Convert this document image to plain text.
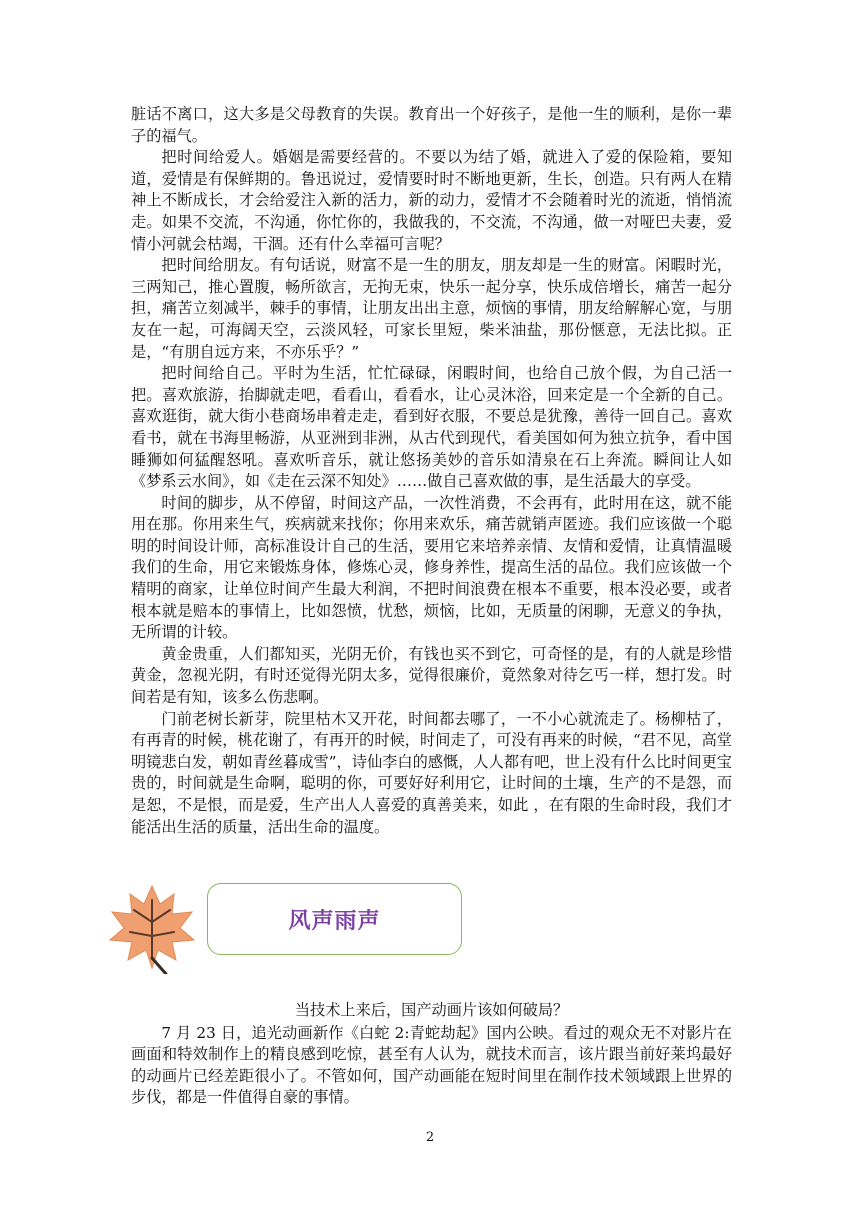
脏话不离口，这大多是父母教育的失误。教育出一个好孩子，是他一生的顺利，是你一辈子的福气。

把时间给爱人。婚姻是需要经营的。不要以为结了婚，就进入了爱的保险箱，要知道，爱情是有保鲜期的。鲁迅说过，爱情要时时不断地更新，生长，创造。只有两人在精神上不断成长，才会给爱注入新的活力，新的动力，爱情才不会随着时光的流逝，悄悄流走。如果不交流，不沟通，你忙你的，我做我的，不交流，不沟通，做一对哑巴夫妻，爱情小河就会枯竭，干涸。还有什么幸福可言呢？

把时间给朋友。有句话说，财富不是一生的朋友，朋友却是一生的财富。闲暇时光，三两知己，推心置腹，畅所欲言，无拘无束，快乐一起分享，快乐成倍增长，痛苦一起分担，痛苦立刻减半，棘手的事情，让朋友出出主意，烦恼的事情，朋友给解解心宽，与朋友在一起，可海阔天空，云淡风轻，可家长里短，柴米油盐，那份惬意，无法比拟。正是，“有朋自远方来，不亦乐乎？”

把时间给自己。平时为生活，忙忙碌碌，闲暇时间，也给自己放个假，为自己活一把。喜欢旅游，抬脚就走吧，看看山，看看水，让心灵沐浴，回来定是一个全新的自己。喜欢逛街，就大街小巷商场串着走走，看到好衣服，不要总是犹豫，善待一回自己。喜欢看书，就在书海里畅游，从亚洲到非洲，从古代到现代，看美国如何为独立抗争，看中国睡狮如何猛醒怒吼。喜欢听音乐，就让悠扬美妙的音乐如清泉在石上奔流。瞬间让人如《梦系云水间》，如《走在云深不知处》……做自己喜欢做的事，是生活最大的享受。

时间的脚步，从不停留，时间这产品，一次性消费，不会再有，此时用在这，就不能用在那。你用来生气，疾病就来找你；你用来欢乐，痛苦就销声匿迹。我们应该做一个聪明的时间设计师，高标准设计自己的生活，要用它来培养亲情、友情和爱情，让真情温暖我们的生命，用它来锻炼身体，修炼心灵，修身养性，提高生活的品位。我们应该做一个精明的商家，让单位时间产生最大利润，不把时间浪费在根本不重要，根本没必要，或者根本就是赔本的事情上，比如怨愤，忧愁，烦恼，比如，无质量的闲聊，无意义的争执，无所谓的计较。

黄金贵重，人们都知买，光阴无价，有钱也买不到它，可奇怪的是，有的人就是珍惜黄金，忽视光阴，有时还觉得光阴太多，觉得很廉价，竟然象对待乞丐一样，想打发。时间若是有知，该多么伤悲啊。

门前老树长新芽，院里枯木又开花，时间都去哪了，一不小心就流走了。杨柳枯了，有再青的时候，桃花谢了，有再开的时候，时间走了，可没有再来的时候，“君不见，高堂明镜悲白发，朝如青丝暮成雪”，诗仙李白的感慨，人人都有吧，世上没有什么比时间更宝贵的，时间就是生命啊，聪明的你，可要好好利用它，让时间的土壤，生产的不是怨，而是恕，不是恨，而是爱，生产出人人喜爱的真善美来，如此 ，在有限的生命时段，我们才能活出生活的质量，活出生命的温度。

风声雨声
当技术上来后，国产动画片该如何破局？

7 月 23 日，追光动画新作《白蛇 2:青蛇劫起》国内公映。看过的观众无不对影片在画面和特效制作上的精良感到吃惊，甚至有人认为，就技术而言，该片跟当前好莱坞最好的动画片已经差距很小了。不管如何，国产动画能在短时间里在制作技术领域跟上世界的步伐，都是一件值得自豪的事情。

2
